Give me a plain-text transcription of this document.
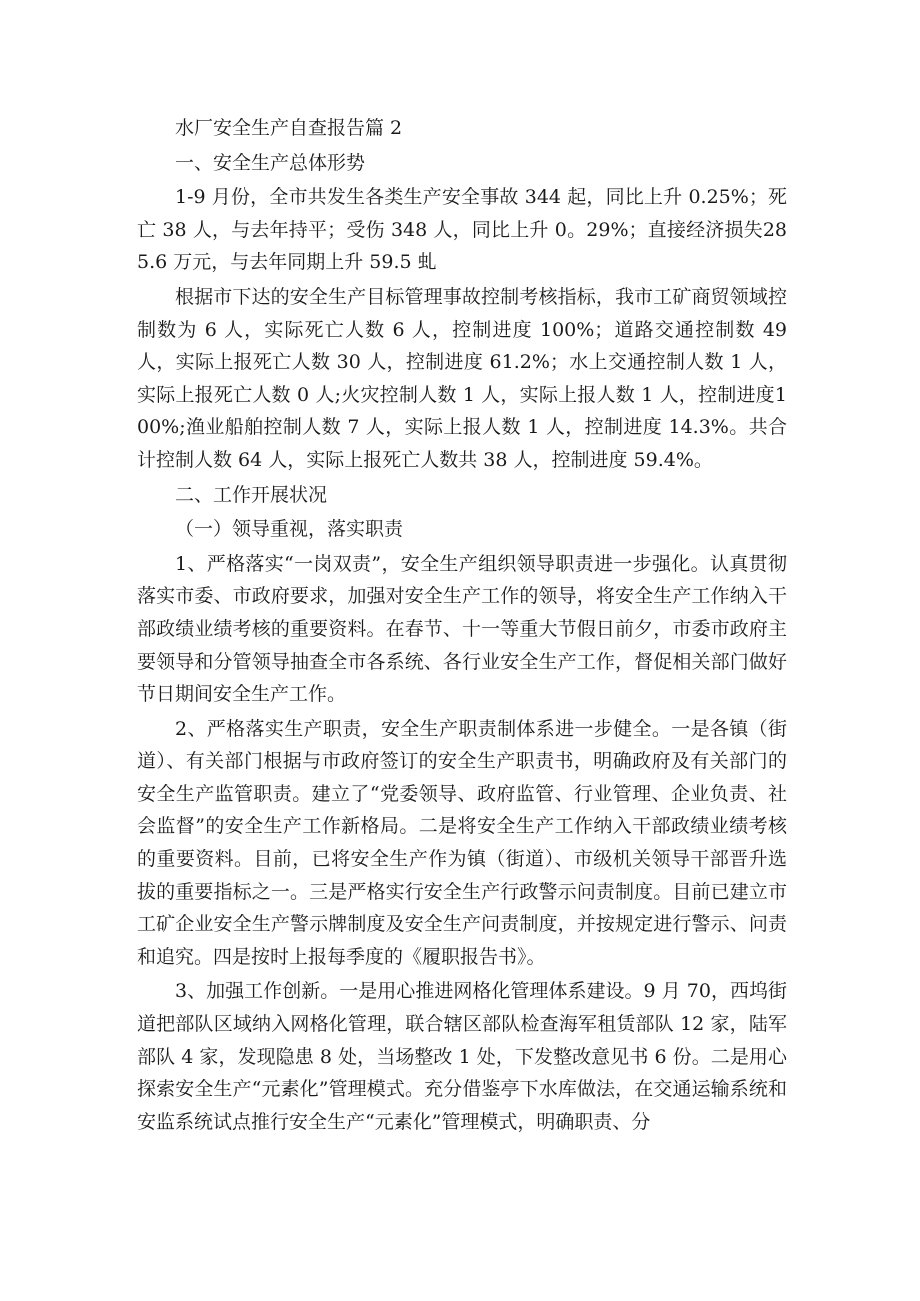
水厂安全生产自查报告篇 2

一、安全生产总体形势

1-9 月份，全市共发生各类生产安全事故 344 起，同比上升 0.25%；死亡 38 人，与去年持平；受伤 348 人，同比上升 0。29%；直接经济损失285.6 万元，与去年同期上升 59.5 虬

根据市下达的安全生产目标管理事故控制考核指标，我市工矿商贸领域控制数为 6 人，实际死亡人数 6 人，控制进度 100%；道路交通控制数 49人，实际上报死亡人数 30 人，控制进度 61.2%；水上交通控制人数 1 人，实际上报死亡人数 0 人;火灾控制人数 1 人，实际上报人数 1 人，控制进度100%;渔业船舶控制人数 7 人，实际上报人数 1 人，控制进度 14.3%。共合计控制人数 64 人，实际上报死亡人数共 38 人，控制进度 59.4%。

二、工作开展状况

（一）领导重视，落实职责

1、严格落实“一岗双责”，安全生产组织领导职责进一步强化。认真贯彻落实市委、市政府要求，加强对安全生产工作的领导，将安全生产工作纳入干部政绩业绩考核的重要资料。在春节、十一等重大节假日前夕，市委市政府主要领导和分管领导抽查全市各系统、各行业安全生产工作，督促相关部门做好节日期间安全生产工作。

2、严格落实生产职责，安全生产职责制体系进一步健全。一是各镇（街道）、有关部门根据与市政府签订的安全生产职责书，明确政府及有关部门的安全生产监管职责。建立了“党委领导、政府监管、行业管理、企业负责、社会监督”的安全生产工作新格局。二是将安全生产工作纳入干部政绩业绩考核的重要资料。目前，已将安全生产作为镇（街道）、市级机关领导干部晋升选拔的重要指标之一。三是严格实行安全生产行政警示问责制度。目前已建立市工矿企业安全生产警示牌制度及安全生产问责制度，并按规定进行警示、问责和追究。四是按时上报每季度的《履职报告书》。

3、加强工作创新。一是用心推进网格化管理体系建设。9 月 70，西坞街道把部队区域纳入网格化管理，联合辖区部队检查海军租赁部队 12 家，陆军部队 4 家，发现隐患 8 处，当场整改 1 处，下发整改意见书 6 份。二是用心探索安全生产“元素化”管理模式。充分借鉴亭下水库做法，在交通运输系统和安监系统试点推行安全生产“元素化”管理模式，明确职责、分
